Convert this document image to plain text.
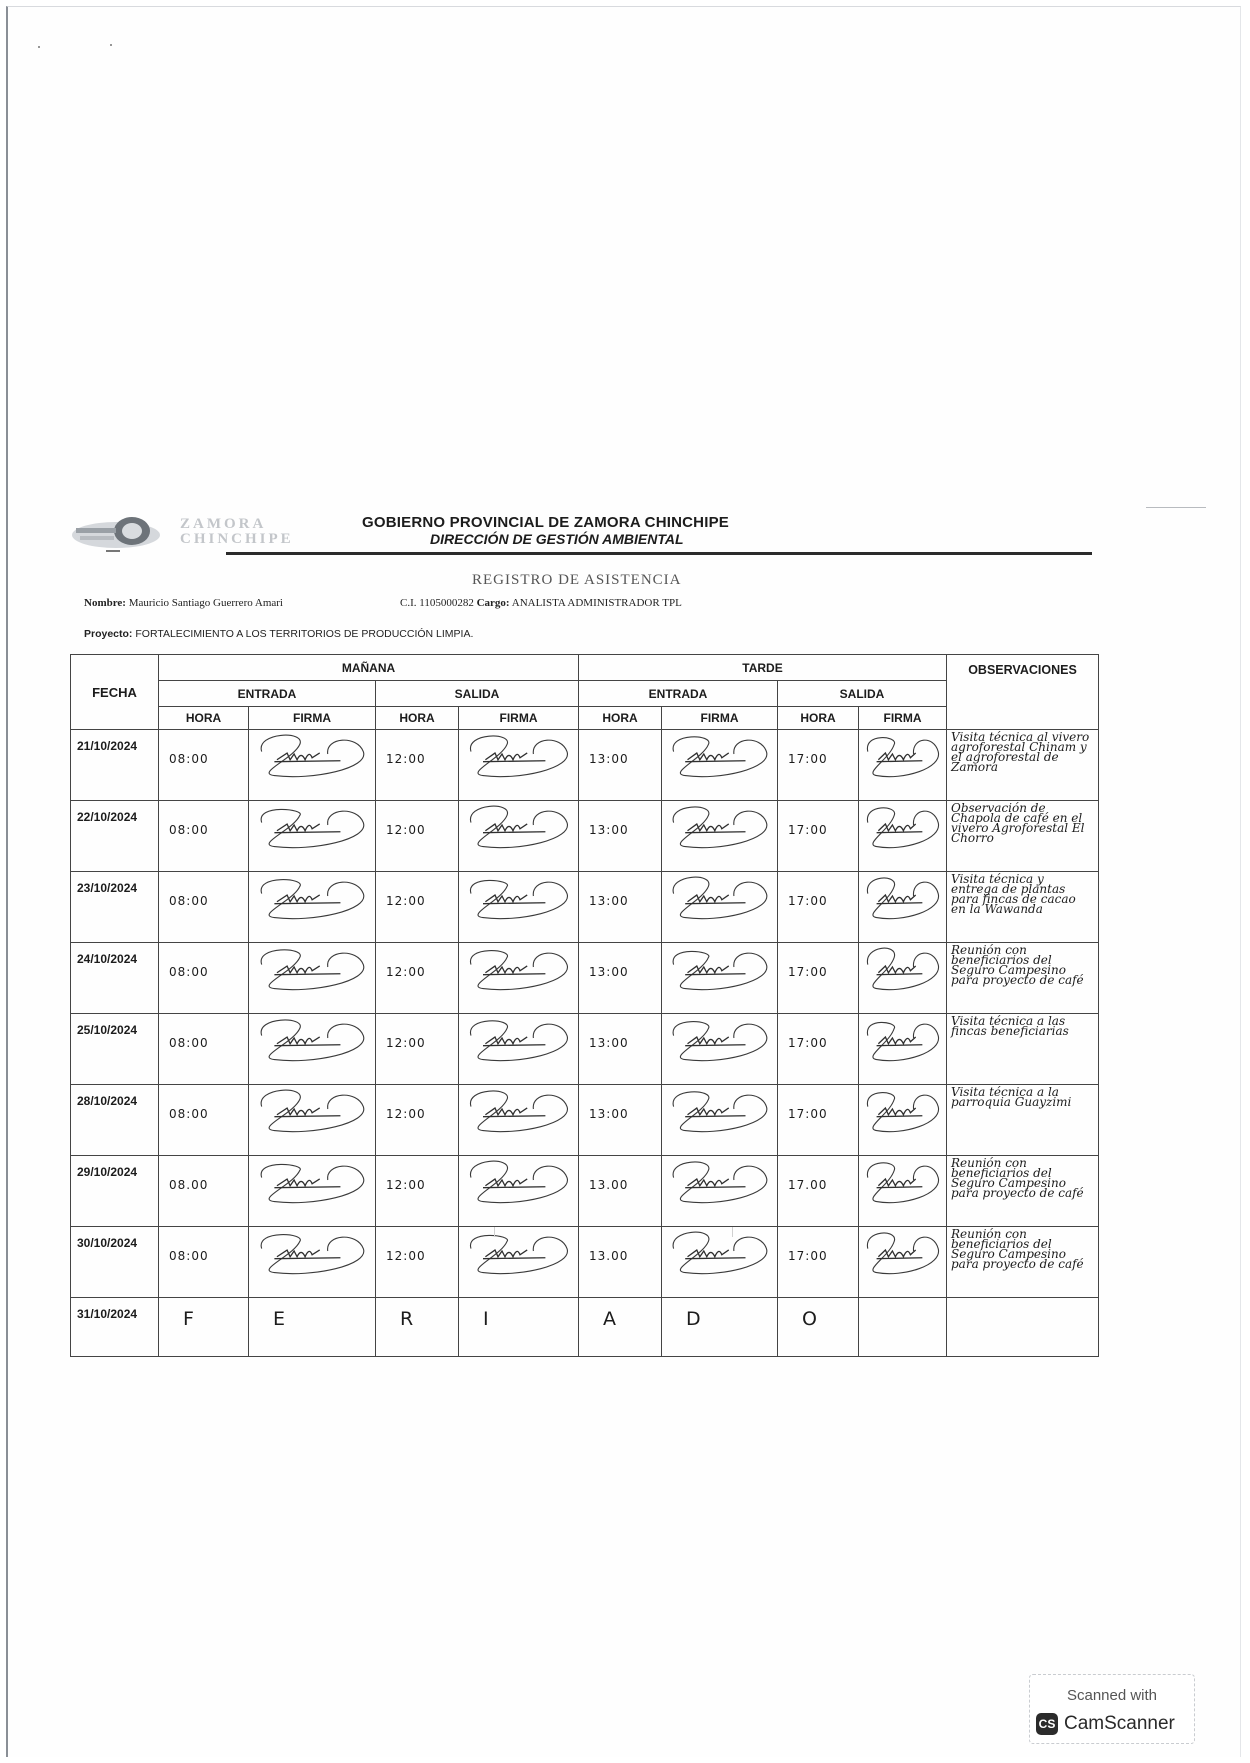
ZAMORA
CHINCHIPE
GOBIERNO PROVINCIAL DE ZAMORA CHINCHIPE
DIRECCIÓN DE GESTIÓN AMBIENTAL
REGISTRO DE ASISTENCIA
Nombre: Mauricio Santiago Guerrero Amari	C.I. 1105000282 Cargo: ANALISTA ADMINISTRADOR TPL
Proyecto: FORTALECIMIENTO A LOS TERRITORIOS DE PRODUCCIÓN LIMPIA.
FECHA	MAÑANA				TARDE				OBSERVACIONES
	ENTRADA		SALIDA		ENTRADA		SALIDA		
	HORA	FIRMA	HORA	FIRMA	HORA	FIRMA	HORA	FIRMA	
21/10/2024	08:00		12:00		13:00		17:00		Visita técnica al vivero agroforestal Chinam y el agroforestal de Zamora
22/10/2024	08:00		12:00		13:00		17:00		Observación de Chapola de café en el vivero Agroforestal El Chorro
23/10/2024	08:00		12:00		13:00		17:00		Visita técnica y entrega de plantas para fincas de cacao en la Wawanda
24/10/2024	08:00		12:00		13:00		17:00		Reunión con beneficiarios del Seguro Campesino para proyecto de café
25/10/2024	08:00		12:00		13:00		17:00		Visita técnica a las fincas beneficiarias
28/10/2024	08:00		12:00		13:00		17:00		Visita técnica a la parroquia Guayzimi
29/10/2024	08.00		12:00		13.00		17.00		Reunión con beneficiarios del Seguro Campesino para proyecto de café
30/10/2024	08:00		12:00		13.00		17:00		Reunión con beneficiarios del Seguro Campesino para proyecto de café
31/10/2024	F	E	R	I	A	D	O		
Scanned with
CS CamScanner
